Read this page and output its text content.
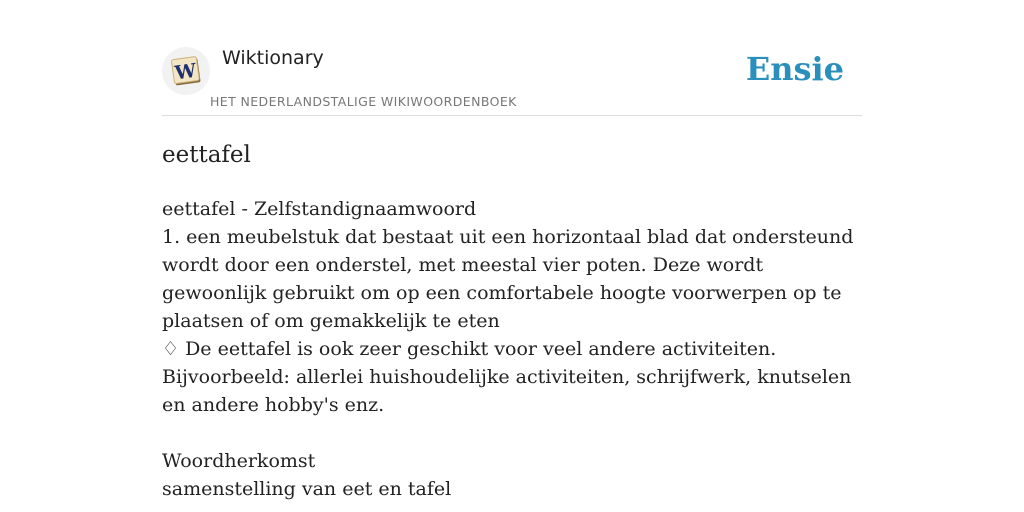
W
Wiktionary
HET NEDERLANDSTALIGE WIKIWOORDENBOEK
Ensie
eettafel

eettafel - Zelfstandignaamwoord

1. een meubelstuk dat bestaat uit een horizontaal blad dat ondersteund wordt door een onderstel, met meestal vier poten. Deze wordt gewoonlijk gebruikt om op een comfortabele hoogte voorwerpen op te plaatsen of om gemakkelijk te eten

♢ De eettafel is ook zeer geschikt voor veel andere activiteiten. Bijvoorbeeld: allerlei huishoudelijke activiteiten, schrijfwerk, knutselen en andere hobby's enz.

Woordherkomst

samenstelling van eet en tafel
